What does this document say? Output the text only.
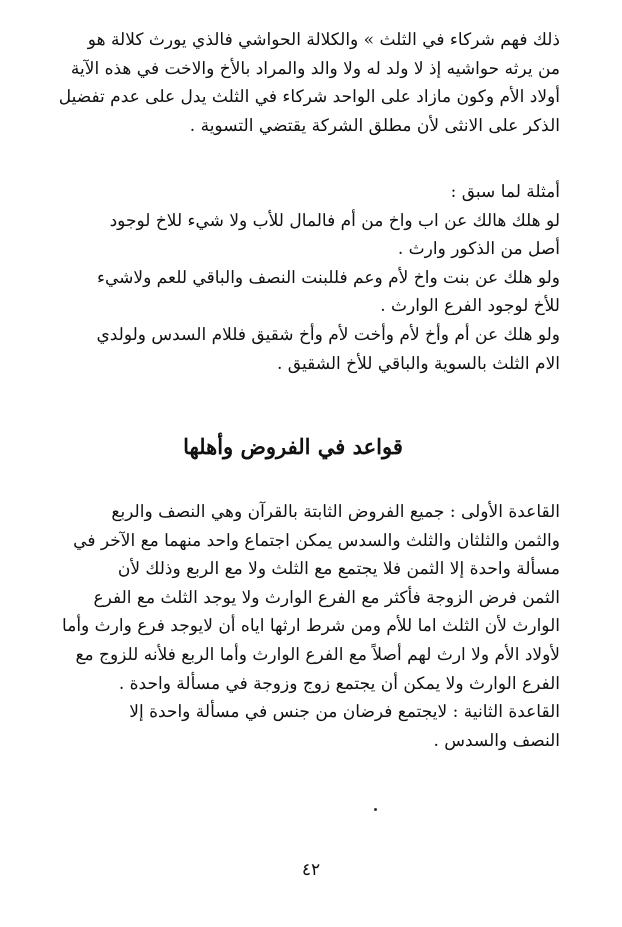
ذلك فهم شركاء في الثلث » والكلالة الحواشي فالذي يورث كلالة هو
من يرثه حواشيه إذ لا ولد له ولا والد والمراد بالأخ والاخت في هذه الآية
أولاد الأم وكون مازاد على الواحد شركاء في الثلث يدل على عدم تفضيل
الذكر على الانثى لأن مطلق الشركة يقتضي التسوية .
أمثلة لما سبق :
لو هلك هالك عن اب واخ من أم فالمال للأب ولا شيء للاخ لوجود
أصل من الذكور وارث .
ولو هلك عن بنت واخ لأم وعم فللبنت النصف والباقي للعم ولاشيء
للأخ لوجود الفرع الوارث .
ولو هلك عن أم وأخ لأم وأخت لأم وأخ شقيق فللام السدس ولولدي
الام الثلث بالسوية والباقي للأخ الشقيق .
قواعد في الفروض وأهلها
القاعدة الأولى : جميع الفروض الثابتة بالقرآن وهي النصف والربع
والثمن والثلثان والثلث والسدس يمكن اجتماع واحد منهما مع الآخر في
مسألة واحدة إلا الثمن فلا يجتمع مع الثلث ولا مع الربع وذلك لأن
الثمن فرض الزوجة فأكثر مع الفرع الوارث ولا يوجد الثلث مع الفرع
الوارث لأن الثلث اما للأم ومن شرط ارثها اياه أن لايوجد فرع وارث وأما
لأولاد الأم ولا ارث لهم أصلاً مع الفرع الوارث وأما الربع فلأنه للزوج مع
الفرع الوارث ولا يمكن أن يجتمع زوج وزوجة في مسألة واحدة .
القاعدة الثانية : لايجتمع فرضان من جنس في مسألة واحدة إلا
النصف والسدس .
٤٢
